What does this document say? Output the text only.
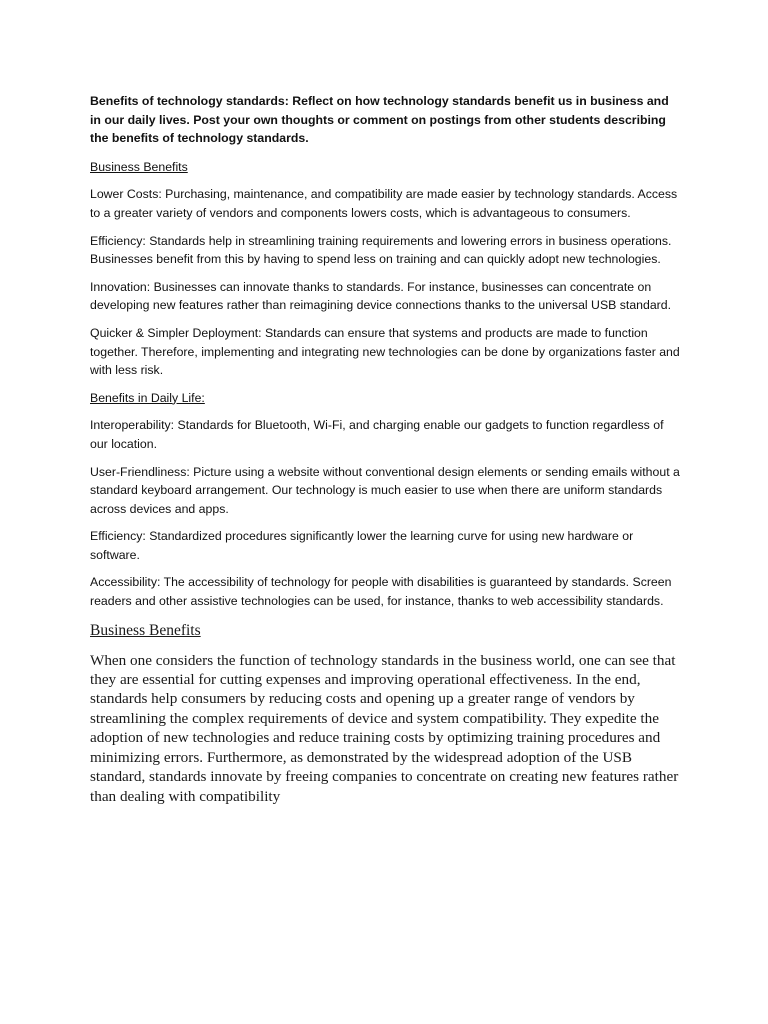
Benefits of technology standards: Reflect on how technology standards benefit us in business and in our daily lives. Post your own thoughts or comment on postings from other students describing the benefits of technology standards.

Business Benefits

Lower Costs: Purchasing, maintenance, and compatibility are made easier by technology standards. Access to a greater variety of vendors and components lowers costs, which is advantageous to consumers.

Efficiency: Standards help in streamlining training requirements and lowering errors in business operations. Businesses benefit from this by having to spend less on training and can quickly adopt new technologies.

Innovation: Businesses can innovate thanks to standards. For instance, businesses can concentrate on developing new features rather than reimagining device connections thanks to the universal USB standard.

Quicker & Simpler Deployment: Standards can ensure that systems and products are made to function together. Therefore, implementing and integrating new technologies can be done by organizations faster and with less risk.

Benefits in Daily Life:

Interoperability: Standards for Bluetooth, Wi-Fi, and charging enable our gadgets to function regardless of our location.

User-Friendliness: Picture using a website without conventional design elements or sending emails without a standard keyboard arrangement. Our technology is much easier to use when there are uniform standards across devices and apps.

Efficiency: Standardized procedures significantly lower the learning curve for using new hardware or software.

Accessibility: The accessibility of technology for people with disabilities is guaranteed by standards. Screen readers and other assistive technologies can be used, for instance, thanks to web accessibility standards.

Business Benefits

When one considers the function of technology standards in the business world, one can see that they are essential for cutting expenses and improving operational effectiveness. In the end, standards help consumers by reducing costs and opening up a greater range of vendors by streamlining the complex requirements of device and system compatibility. They expedite the adoption of new technologies and reduce training costs by optimizing training procedures and minimizing errors. Furthermore, as demonstrated by the widespread adoption of the USB standard, standards innovate by freeing companies to concentrate on creating new features rather than dealing with compatibility
